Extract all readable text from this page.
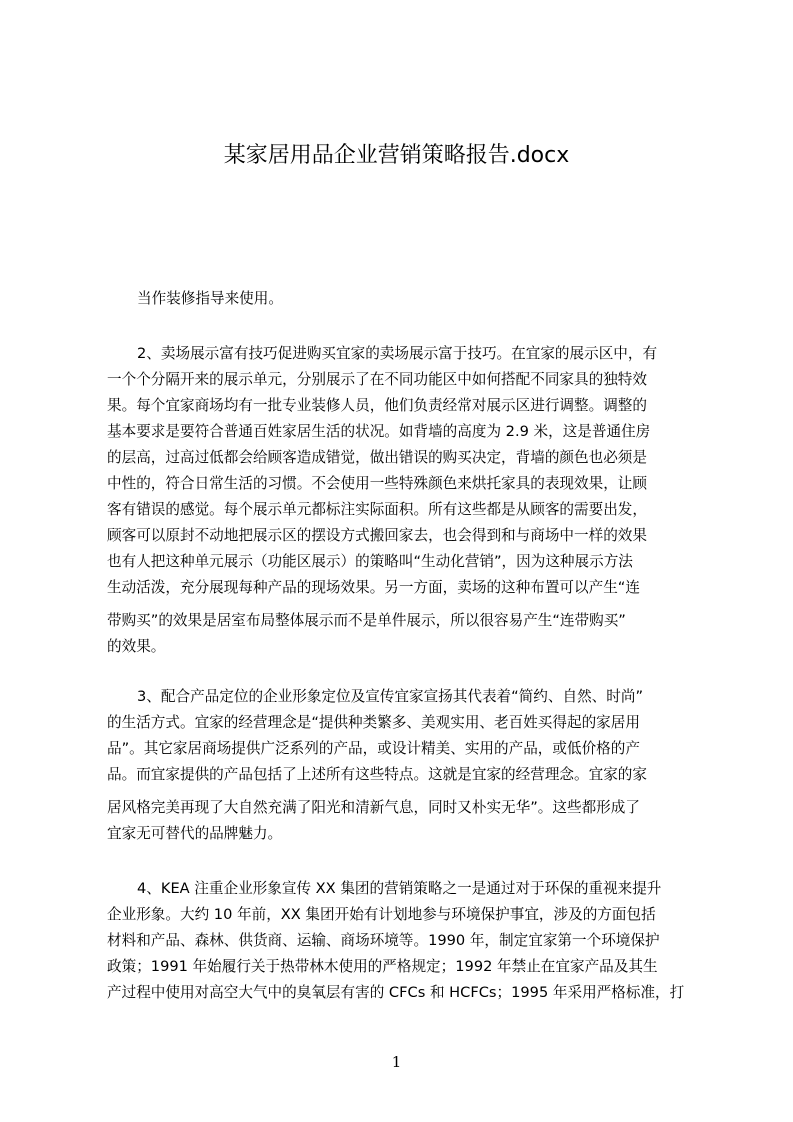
某家居用品企业营销策略报告.docx
当作装修指导来使用。
2、卖场展示富有技巧促进购买宜家的卖场展示富于技巧。在宜家的展示区中，有
一个个分隔开来的展示单元，分别展示了在不同功能区中如何搭配不同家具的独特效
果。每个宜家商场均有一批专业装修人员，他们负责经常对展示区进行调整。调整的
基本要求是要符合普通百姓家居生活的状况。如背墙的高度为 2.9 米，这是普通住房
的层高，过高过低都会给顾客造成错觉，做出错误的购买决定，背墙的颜色也必须是
中性的，符合日常生活的习惯。不会使用一些特殊颜色来烘托家具的表现效果，让顾
客有错误的感觉。每个展示单元都标注实际面积。所有这些都是从顾客的需要出发，
顾客可以原封不动地把展示区的摆设方式搬回家去，也会得到和与商场中一样的效果
也有人把这种单元展示（功能区展示）的策略叫“生动化营销”，因为这种展示方法
生动活泼，充分展现每种产品的现场效果。另一方面，卖场的这种布置可以产生“连
带购买”的效果是居室布局整体展示而不是单件展示，所以很容易产生“连带购买”
的效果。
3、配合产品定位的企业形象定位及宣传宜家宣扬其代表着“简约、自然、时尚”
的生活方式。宜家的经营理念是“提供种类繁多、美观实用、老百姓买得起的家居用
品”。其它家居商场提供广泛系列的产品，或设计精美、实用的产品，或低价格的产
品。而宜家提供的产品包括了上述所有这些特点。这就是宜家的经营理念。宜家的家
居风格完美再现了大自然充满了阳光和清新气息，同时又朴实无华”。这些都形成了
宜家无可替代的品牌魅力。
4、KEA 注重企业形象宣传 XX 集团的营销策略之一是通过对于环保的重视来提升
企业形象。大约 10 年前，XX 集团开始有计划地参与环境保护事宜，涉及的方面包括
材料和产品、森林、供货商、运输、商场环境等。1990 年，制定宜家第一个环境保护
政策；1991 年始履行关于热带林木使用的严格规定；1992 年禁止在宜家产品及其生
产过程中使用对高空大气中的臭氧层有害的 CFCs 和 HCFCs；1995 年采用严格标准，打
1
